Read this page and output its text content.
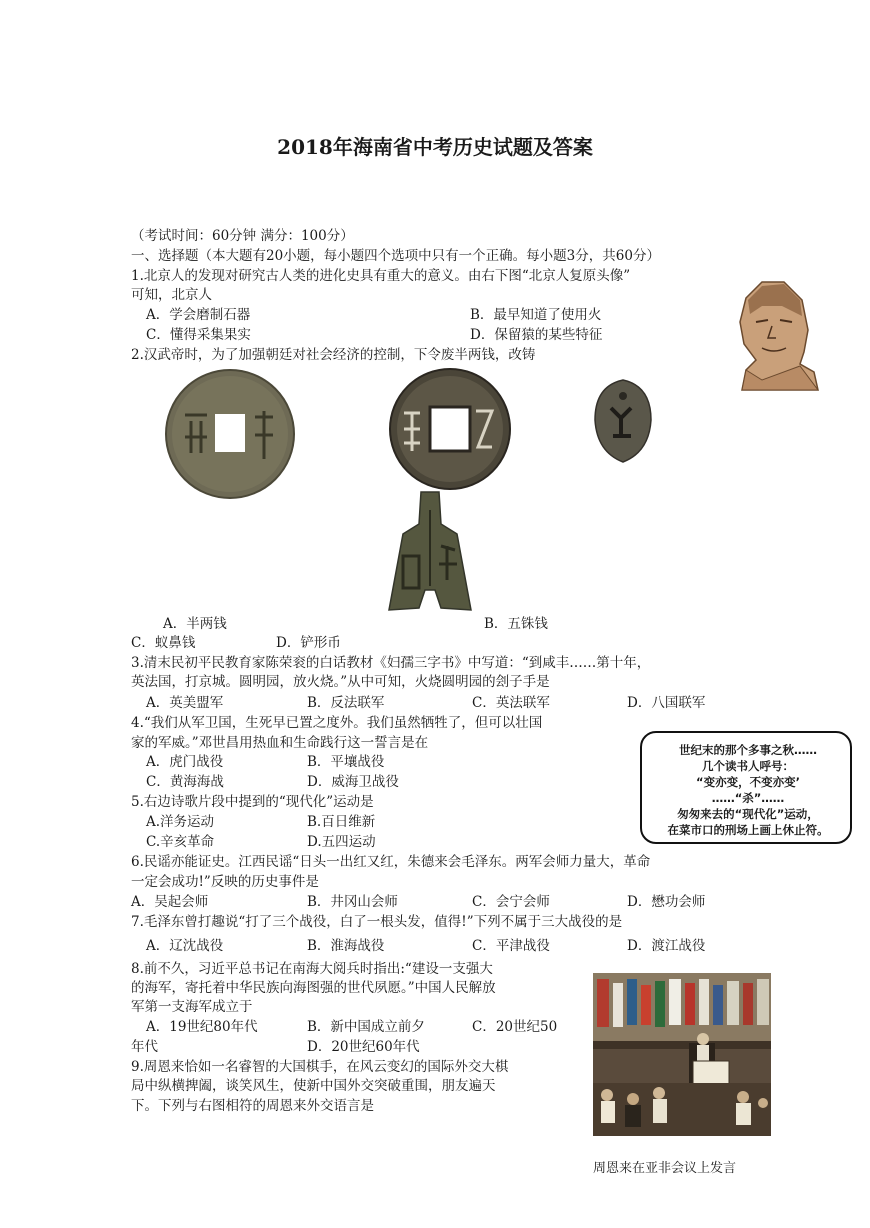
2018年海南省中考历史试题及答案
（考试时间：60分钟 满分：100分）
一、选择题（本大题有20小题，每小题四个选项中只有一个正确。每小题3分，共60分）
1.北京人的发现对研究古人类的进化史具有重大的意义。由右下图“北京人复原头像”
可知，北京人
A．学会磨制石器	B．最早知道了使用火
C．懂得采集果实	D．保留猿的某些特征
2.汉武帝时，为了加强朝廷对社会经济的控制，下令废半两钱，改铸
A．半两钱	B．五铢钱
C．蚁鼻钱	D．铲形币
3.清末民初平民教育家陈荣衮的白话教材《妇孺三字书》中写道：“到咸丰……第十年，
英法国，打京城。圆明园，放火烧。”从中可知，火烧圆明园的刽子手是
A．英美盟军	B．反法联军	C．英法联军	D．八国联军
4.“我们从军卫国，生死早已置之度外。我们虽然牺牲了，但可以壮国
家的军威。”邓世昌用热血和生命践行这一誓言是在
A．虎门战役	B．平壤战役
C．黄海海战	D．威海卫战役
世纪末的那个多事之秋……
几个读书人呼号：
“变亦变，不变亦变’
……“杀”……
匆匆来去的“现代化”运动，
在菜市口的刑场上画上休止符。
5.右边诗歌片段中提到的“现代化”运动是
A.洋务运动	B.百日维新
C.辛亥革命	D.五四运动
6.民谣亦能证史。江西民谣“日头一出红又红，朱德来会毛泽东。两军会师力量大，革命
一定会成功!”反映的历史事件是
A．吴起会师	B．井冈山会师	C．会宁会师	D．懋功会师
7.毛泽东曾打趣说“打了三个战役，白了一根头发，值得!”下列不属于三大战役的是
A．辽沈战役	B．淮海战役	C．平津战役	D．渡江战役
8.前不久，习近平总书记在南海大阅兵时指出:“建设一支强大
的海军，寄托着中华民族向海图强的世代夙愿。”中国人民解放
军第一支海军成立于
A．19世纪80年代	B．新中国成立前夕	C．20世纪50
年代	D．20世纪60年代
9.周恩来恰如一名睿智的大国棋手，在风云变幻的国际外交大棋
局中纵横捭阖，谈笑风生，使新中国外交突破重围，朋友遍天
下。下列与右图相符的周恩来外交语言是
周恩来在亚非会议上发言
